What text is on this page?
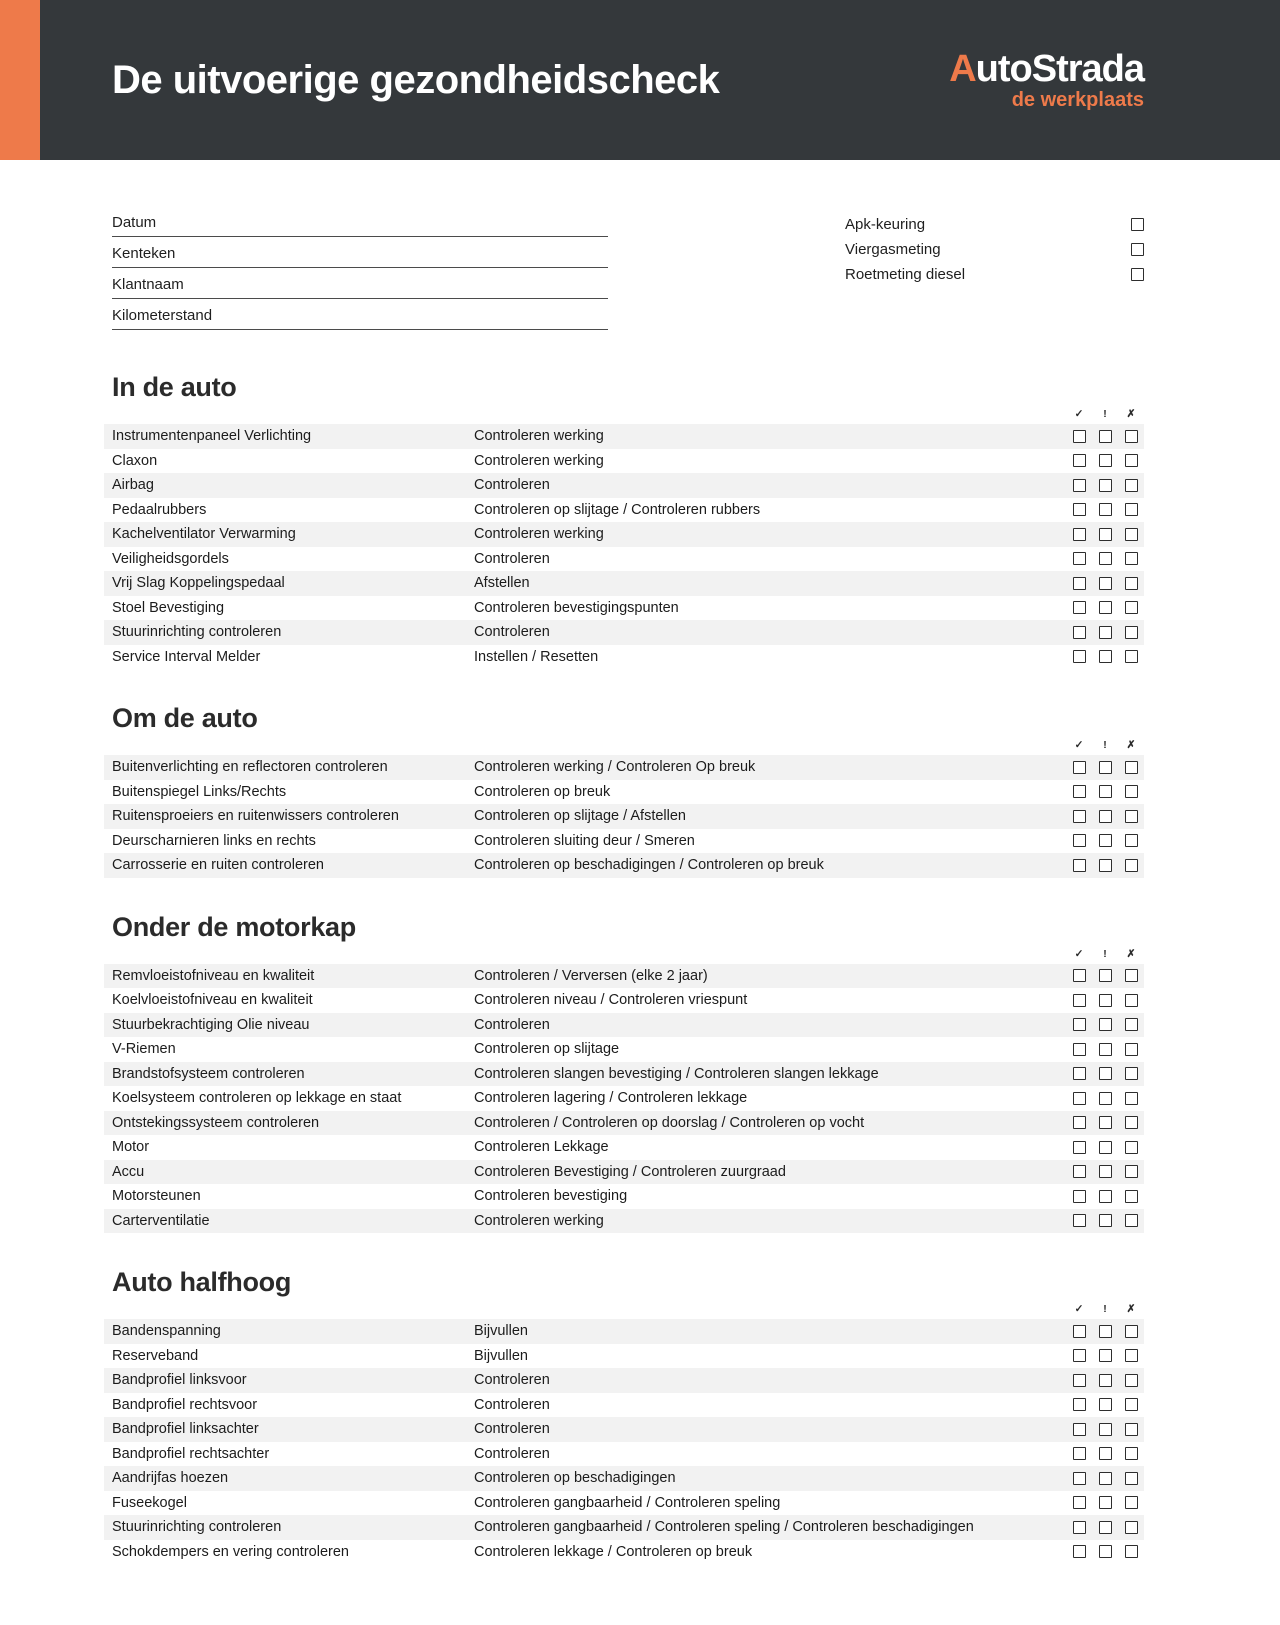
De uitvoerige gezondheidscheck	AutoStrada
de werkplaats
Datum
Kenteken
Klantnaam
Kilometerstand
Apk-keuring
Viergasmeting
Roetmeting diesel
In de auto
✓	!	✗
Instrumentenpaneel Verlichting	Controleren werking
Claxon	Controleren werking
Airbag	Controleren
Pedaalrubbers	Controleren op slijtage / Controleren rubbers
Kachelventilator Verwarming	Controleren werking
Veiligheidsgordels	Controleren
Vrij Slag Koppelingspedaal	Afstellen
Stoel Bevestiging	Controleren bevestigingspunten
Stuurinrichting controleren	Controleren
Service Interval Melder	Instellen / Resetten
Om de auto
✓	!	✗
Buitenverlichting en reflectoren controleren	Controleren werking / Controleren Op breuk
Buitenspiegel Links/Rechts	Controleren op breuk
Ruitensproeiers en ruitenwissers controleren	Controleren op slijtage / Afstellen
Deurscharnieren links en rechts	Controleren sluiting deur / Smeren
Carrosserie en ruiten controleren	Controleren op beschadigingen / Controleren op breuk
Onder de motorkap
✓	!	✗
Remvloeistofniveau en kwaliteit	Controleren / Verversen (elke 2 jaar)
Koelvloeistofniveau en kwaliteit	Controleren niveau / Controleren vriespunt
Stuurbekrachtiging Olie niveau	Controleren
V-Riemen	Controleren op slijtage
Brandstofsysteem controleren	Controleren slangen bevestiging / Controleren slangen lekkage
Koelsysteem controleren op lekkage en staat	Controleren lagering / Controleren lekkage
Ontstekingssysteem controleren	Controleren / Controleren op doorslag / Controleren op vocht
Motor	Controleren Lekkage
Accu	Controleren Bevestiging / Controleren zuurgraad
Motorsteunen	Controleren bevestiging
Carterventilatie	Controleren werking
Auto halfhoog
✓	!	✗
Bandenspanning	Bijvullen
Reserveband	Bijvullen
Bandprofiel linksvoor	Controleren
Bandprofiel rechtsvoor	Controleren
Bandprofiel linksachter	Controleren
Bandprofiel rechtsachter	Controleren
Aandrijfas hoezen	Controleren op beschadigingen
Fuseekogel	Controleren gangbaarheid / Controleren speling
Stuurinrichting controleren	Controleren gangbaarheid / Controleren speling / Controleren beschadigingen
Schokdempers en vering controleren	Controleren lekkage / Controleren op breuk
